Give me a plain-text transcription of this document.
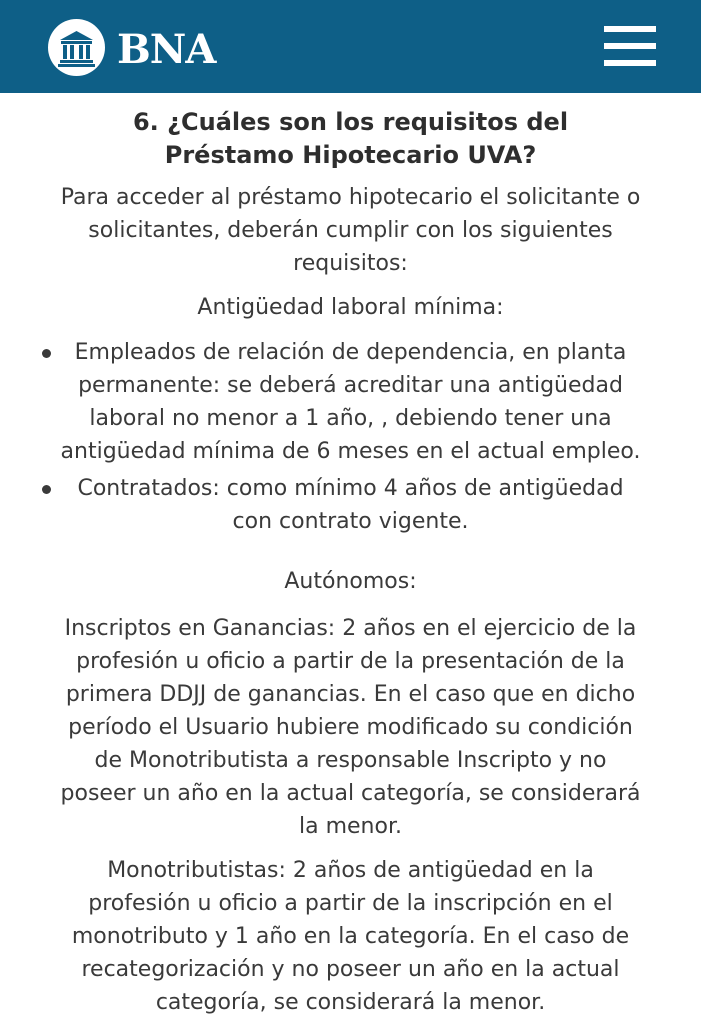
BNA
6. ¿Cuáles son los requisitos del Préstamo Hipotecario UVA?
Para acceder al préstamo hipotecario el solicitante o solicitantes, deberán cumplir con los siguientes requisitos:
Antigüedad laboral mínima:
Empleados de relación de dependencia, en planta permanente: se deberá acreditar una antigüedad laboral no menor a 1 año, , debiendo tener una antigüedad mínima de 6 meses en el actual empleo.
Contratados: como mínimo 4 años de antigüedad con contrato vigente.
Autónomos:
Inscriptos en Ganancias: 2 años en el ejercicio de la profesión u oficio a partir de la presentación de la primera DDJJ de ganancias. En el caso que en dicho período el Usuario hubiere modificado su condición de Monotributista a responsable Inscripto y no poseer un año en la actual categoría, se considerará la menor.
Monotributistas: 2 años de antigüedad en la profesión u oficio a partir de la inscripción en el monotributo y 1 año en la categoría. En el caso de recategorización y no poseer un año en la actual categoría, se considerará la menor.
